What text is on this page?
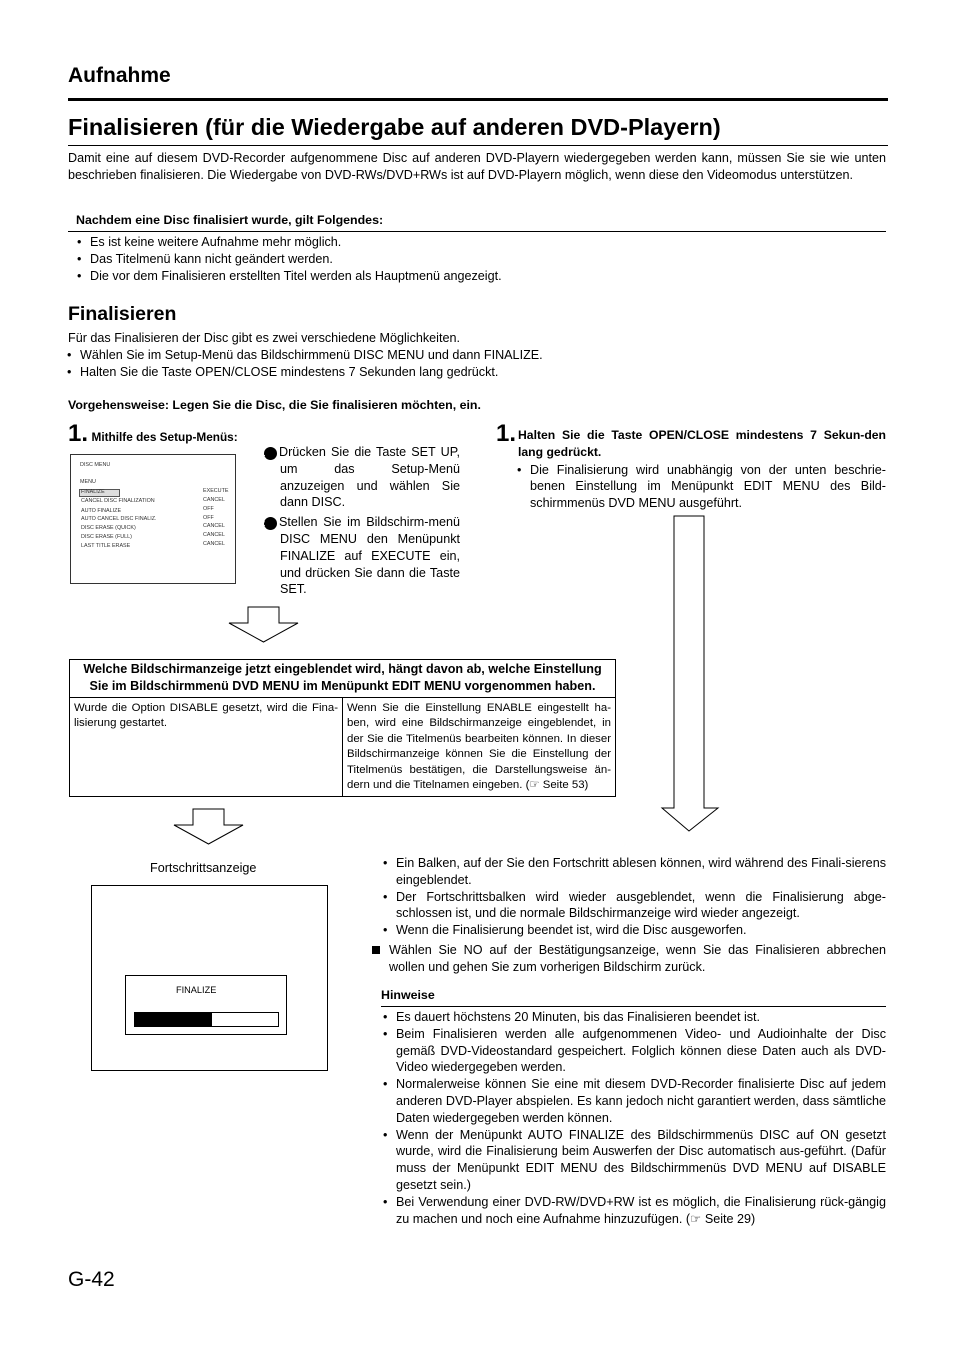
Aufnahme
Finalisieren (für die Wiedergabe auf anderen DVD-Playern)

Damit eine auf diesem DVD-Recorder aufgenommene Disc auf anderen DVD-Playern wiedergegeben werden kann, müssen Sie sie wie unten beschrieben finalisieren. Die Wiedergabe von DVD-RWs/DVD+RWs ist auf DVD-Playern möglich, wenn diese den Videomodus unterstützen.

Nachdem eine Disc finalisiert wurde, gilt Folgendes:
• Es ist keine weitere Aufnahme mehr möglich.
• Das Titelmenü kann nicht geändert werden.
• Die vor dem Finalisieren erstellten Titel werden als Hauptmenü angezeigt.
Finalisieren
Für das Finalisieren der Disc gibt es zwei verschiedene Möglichkeiten.
• Wählen Sie im Setup-Menü das Bildschirmmenü DISC MENU und dann FINALIZE.
• Halten Sie die Taste OPEN/CLOSE mindestens 7 Sekunden lang gedrückt.
Vorgehensweise: Legen Sie die Disc, die Sie finalisieren möchten, ein.
1. Mithilfe des Setup-Menüs:
DISC MENU
MENU
FINALIZE
CANCEL DISC FINALIZATION
AUTO FINALIZE
AUTO CANCEL DISC FINALIZ.
DISC ERASE (QUICK)
DISC ERASE (FULL)
LAST TITLE ERASE
EXECUTE
CANCEL
OFF
OFF
CANCEL
CANCEL
CANCEL
1 Drücken Sie die Taste SET UP, um das Setup-Menü anzuzeigen und wählen Sie dann DISC.
2 Stellen Sie im Bildschirm-menü DISC MENU den Menüpunkt FINALIZE auf EXECUTE ein, und drücken Sie dann die Taste SET.
1. Halten Sie die Taste OPEN/CLOSE mindestens 7 Sekun-den lang gedrückt.
• Die Finalisierung wird unabhängig von der unten beschrie-benen Einstellung im Menüpunkt EDIT MENU des Bild-schirmmenüs DVD MENU ausgeführt.
Welche Bildschirmanzeige jetzt eingeblendet wird, hängt davon ab, welche Einstellung
Sie im Bildschirmmenü DVD MENU im Menüpunkt EDIT MENU vorgenommen haben.

Wurde die Option DISABLE gesetzt, wird die Fina-lisierung gestartet.	Wenn Sie die Einstellung ENABLE eingestellt ha-ben, wird eine Bildschirmanzeige eingeblendet, in der Sie die Titelmenüs bearbeiten können. In dieser Bildschirmanzeige können Sie die Einstellung der Titelmenüs bestätigen, die Darstellungsweise än-dern und die Titelnamen eingeben. (☞ Seite 53)
Fortschrittsanzeige
FINALIZE
• Ein Balken, auf der Sie den Fortschritt ablesen können, wird während des Finali-sierens eingeblendet.
• Der Fortschrittsbalken wird wieder ausgeblendet, wenn die Finalisierung abge-schlossen ist, und die normale Bildschirmanzeige wird wieder angezeigt.
• Wenn die Finalisierung beendet ist, wird die Disc ausgeworfen.
Wählen Sie NO auf der Bestätigungsanzeige, wenn Sie das Finalisieren abbrechen wollen und gehen Sie zum vorherigen Bildschirm zurück.
Hinweise
• Es dauert höchstens 20 Minuten, bis das Finalisieren beendet ist.
• Beim Finalisieren werden alle aufgenommenen Video- und Audioinhalte der Disc gemäß DVD-Videostandard gespeichert. Folglich können diese Daten auch als DVD-Video wiedergegeben werden.
• Normalerweise können Sie eine mit diesem DVD-Recorder finalisierte Disc auf jedem anderen DVD-Player abspielen. Es kann jedoch nicht garantiert werden, dass sämtliche Daten wiedergegeben werden können.
• Wenn der Menüpunkt AUTO FINALIZE des Bildschirmmenüs DISC auf ON gesetzt wurde, wird die Finalisierung beim Auswerfen der Disc automatisch aus-geführt. (Dafür muss der Menüpunkt EDIT MENU des Bildschirmmenüs DVD MENU auf DISABLE gesetzt sein.)
• Bei Verwendung einer DVD-RW/DVD+RW ist es möglich, die Finalisierung rück-gängig zu machen und noch eine Aufnahme hinzuzufügen. (☞ Seite 29)
G-42
